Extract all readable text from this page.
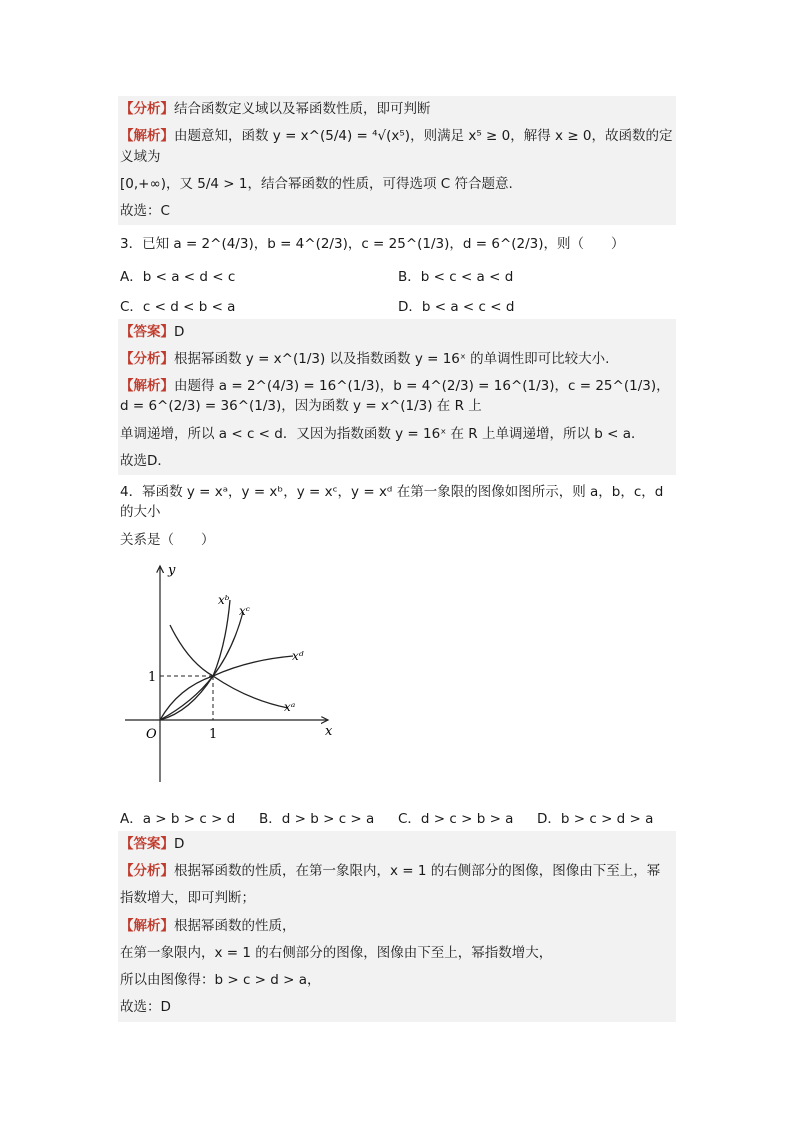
【分析】结合函数定义域以及幂函数性质，即可判断
【解析】由题意知，函数 y = x^(5/4) = ⁴√(x⁵)，则满足 x⁵ ≥ 0，解得 x ≥ 0，故函数的定义域为
[0,+∞)，又 5/4 > 1，结合幂函数的性质，可得选项 C 符合题意.
故选：C
3．已知 a = 2^(4/3)，b = 4^(2/3)，c = 25^(1/3)，d = 6^(2/3)，则（　　）
A．b < a < d < c	B．b < c < a < d
C．c < d < b < a	D．b < a < c < d
【答案】D
【分析】根据幂函数 y = x^(1/3) 以及指数函数 y = 16ˣ 的单调性即可比较大小.
【解析】由题得 a = 2^(4/3) = 16^(1/3)，b = 4^(2/3) = 16^(1/3)，c = 25^(1/3)，d = 6^(2/3) = 36^(1/3)，因为函数 y = x^(1/3) 在 R 上
单调递增，所以 a < c < d．又因为指数函数 y = 16ˣ 在 R 上单调递增，所以 b < a．
故选D．
4．幂函数 y = xᵃ，y = xᵇ，y = xᶜ，y = xᵈ 在第一象限的图像如图所示，则 a，b，c，d 的大小
关系是（　　）
y
x
O	1
1
xᵇ
xᶜ
xᵈ
xᵃ
A．a > b > c > d	B．d > b > c > a	C．d > c > b > a	D．b > c > d > a
【答案】D
【分析】根据幂函数的性质，在第一象限内，x = 1 的右侧部分的图像，图像由下至上，幂
指数增大，即可判断；
【解析】根据幂函数的性质，
在第一象限内，x = 1 的右侧部分的图像，图像由下至上，幂指数增大，
所以由图像得：b > c > d > a，
故选：D
